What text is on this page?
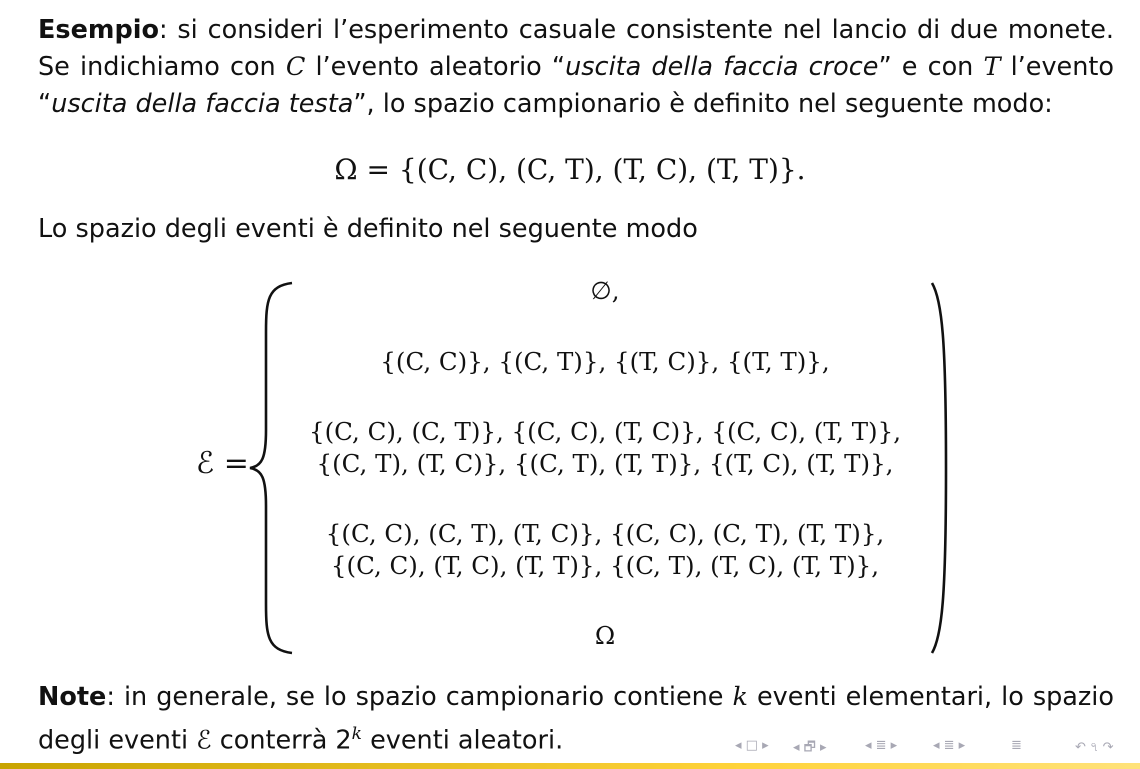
Esempio: si consideri l’esperimento casuale consistente nel lancio di due monete. Se indichiamo con C l’evento aleatorio “uscita della faccia croce” e con T l’evento “uscita della faccia testa”, lo spazio campionario è definito nel seguente modo:
Ω = {(C, C), (C, T), (T, C), (T, T)}.
Lo spazio degli eventi è definito nel seguente modo
ℰ =
∅,
{(C, C)}, {(C, T)}, {(T, C)}, {(T, T)},
{(C, C), (C, T)}, {(C, C), (T, C)}, {(C, C), (T, T)},
{(C, T), (T, C)}, {(C, T), (T, T)}, {(T, C), (T, T)},
{(C, C), (C, T), (T, C)}, {(C, C), (C, T), (T, T)},
{(C, C), (T, C), (T, T)}, {(C, T), (T, C), (T, T)},
Ω
Note: in generale, se lo spazio campionario contiene k eventi elementari, lo spazio degli eventi ℰ conterrà 2$^k$ eventi aleatori.	◂ □ ▸ ◂ 🗗 ▸	◂ ≣ ▸	◂ ≣ ▸	≣	↶ ৭ ↷
